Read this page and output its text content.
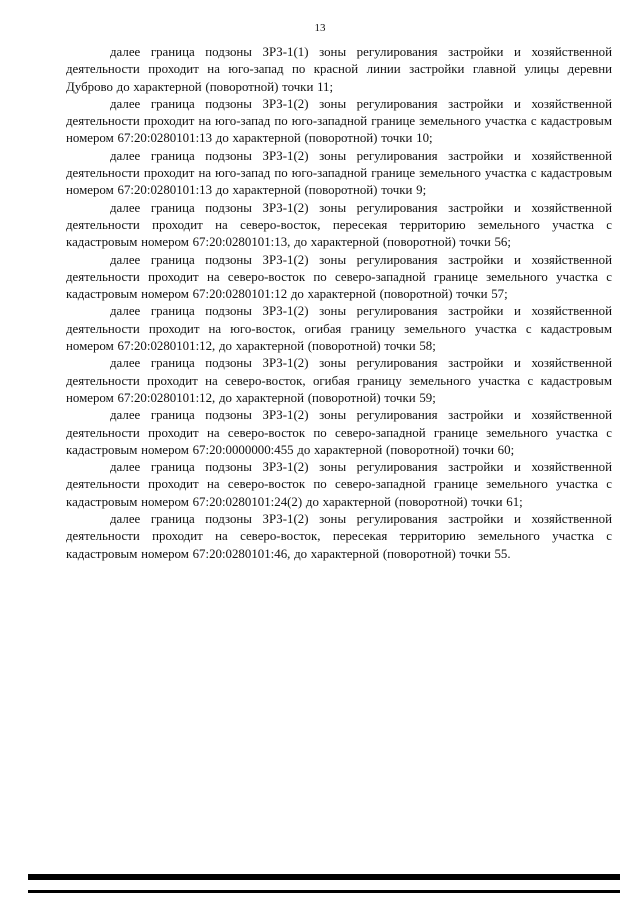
13

далее граница подзоны ЗРЗ-1(1) зоны регулирования застройки и хозяйственной деятельности проходит на юго-запад по красной линии застройки главной улицы деревни Дуброво до характерной (поворотной) точки 11;

далее граница подзоны ЗРЗ-1(2) зоны регулирования застройки и хозяйственной деятельности проходит на юго-запад по юго-западной границе земельного участка с кадастровым номером 67:20:0280101:13 до характерной (поворотной) точки 10;

далее граница подзоны ЗРЗ-1(2) зоны регулирования застройки и хозяйственной деятельности проходит на юго-запад по юго-западной границе земельного участка с кадастровым номером 67:20:0280101:13 до характерной (поворотной) точки 9;

далее граница подзоны ЗРЗ-1(2) зоны регулирования застройки и хозяйственной деятельности проходит на северо-восток, пересекая территорию земельного участка с кадастровым номером 67:20:0280101:13, до характерной (поворотной) точки 56;

далее граница подзоны ЗРЗ-1(2) зоны регулирования застройки и хозяйственной деятельности проходит на северо-восток по северо-западной границе земельного участка с кадастровым номером 67:20:0280101:12 до характерной (поворотной) точки 57;

далее граница подзоны ЗРЗ-1(2) зоны регулирования застройки и хозяйственной деятельности проходит на юго-восток, огибая границу земельного участка с кадастровым номером 67:20:0280101:12, до характерной (поворотной) точки 58;

далее граница подзоны ЗРЗ-1(2) зоны регулирования застройки и хозяйственной деятельности проходит на северо-восток, огибая границу земельного участка с кадастровым номером 67:20:0280101:12, до характерной (поворотной) точки 59;

далее граница подзоны ЗРЗ-1(2) зоны регулирования застройки и хозяйственной деятельности проходит на северо-восток по северо-западной границе земельного участка с кадастровым номером 67:20:0000000:455 до характерной (поворотной) точки 60;

далее граница подзоны ЗРЗ-1(2) зоны регулирования застройки и хозяйственной деятельности проходит на северо-восток по северо-западной границе земельного участка с кадастровым номером 67:20:0280101:24(2) до характерной (поворотной) точки 61;

далее граница подзоны ЗРЗ-1(2) зоны регулирования застройки и хозяйственной деятельности проходит на северо-восток, пересекая территорию земельного участка с кадастровым номером 67:20:0280101:46, до характерной (поворотной) точки 55.
